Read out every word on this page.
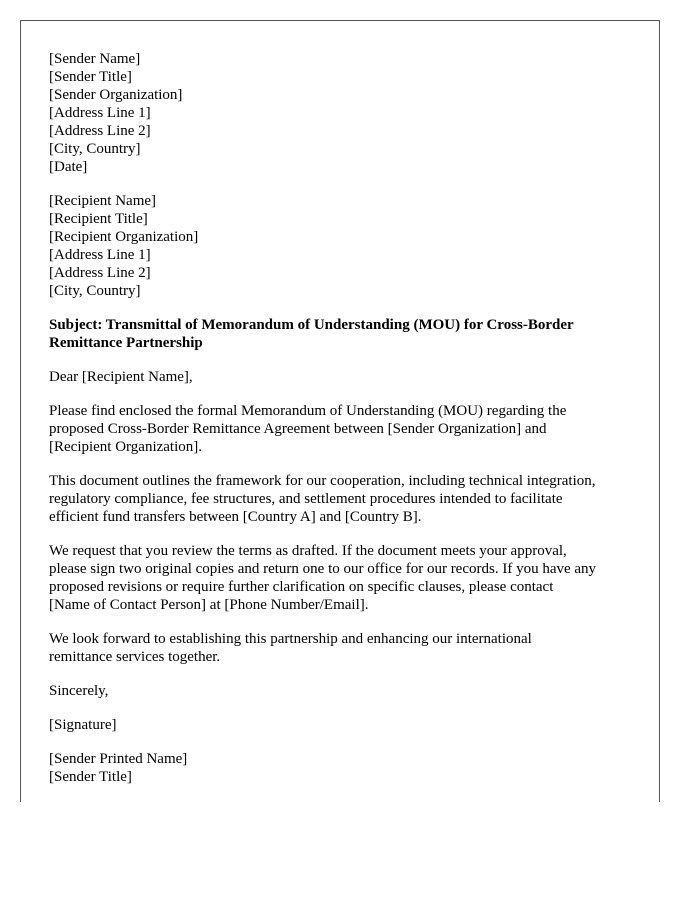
[Sender Name]
[Sender Title]
[Sender Organization]
[Address Line 1]
[Address Line 2]
[City, Country]
[Date]
[Recipient Name]
[Recipient Title]
[Recipient Organization]
[Address Line 1]
[Address Line 2]
[City, Country]
Subject: Transmittal of Memorandum of Understanding (MOU) for Cross-Border
Remittance Partnership

Dear [Recipient Name],

Please find enclosed the formal Memorandum of Understanding (MOU) regarding the
proposed Cross-Border Remittance Agreement between [Sender Organization] and
[Recipient Organization].

This document outlines the framework for our cooperation, including technical integration,
regulatory compliance, fee structures, and settlement procedures intended to facilitate
efficient fund transfers between [Country A] and [Country B].

We request that you review the terms as drafted. If the document meets your approval,
please sign two original copies and return one to our office for our records. If you have any
proposed revisions or require further clarification on specific clauses, please contact
[Name of Contact Person] at [Phone Number/Email].

We look forward to establishing this partnership and enhancing our international
remittance services together.

Sincerely,

[Signature]

[Sender Printed Name]
[Sender Title]
